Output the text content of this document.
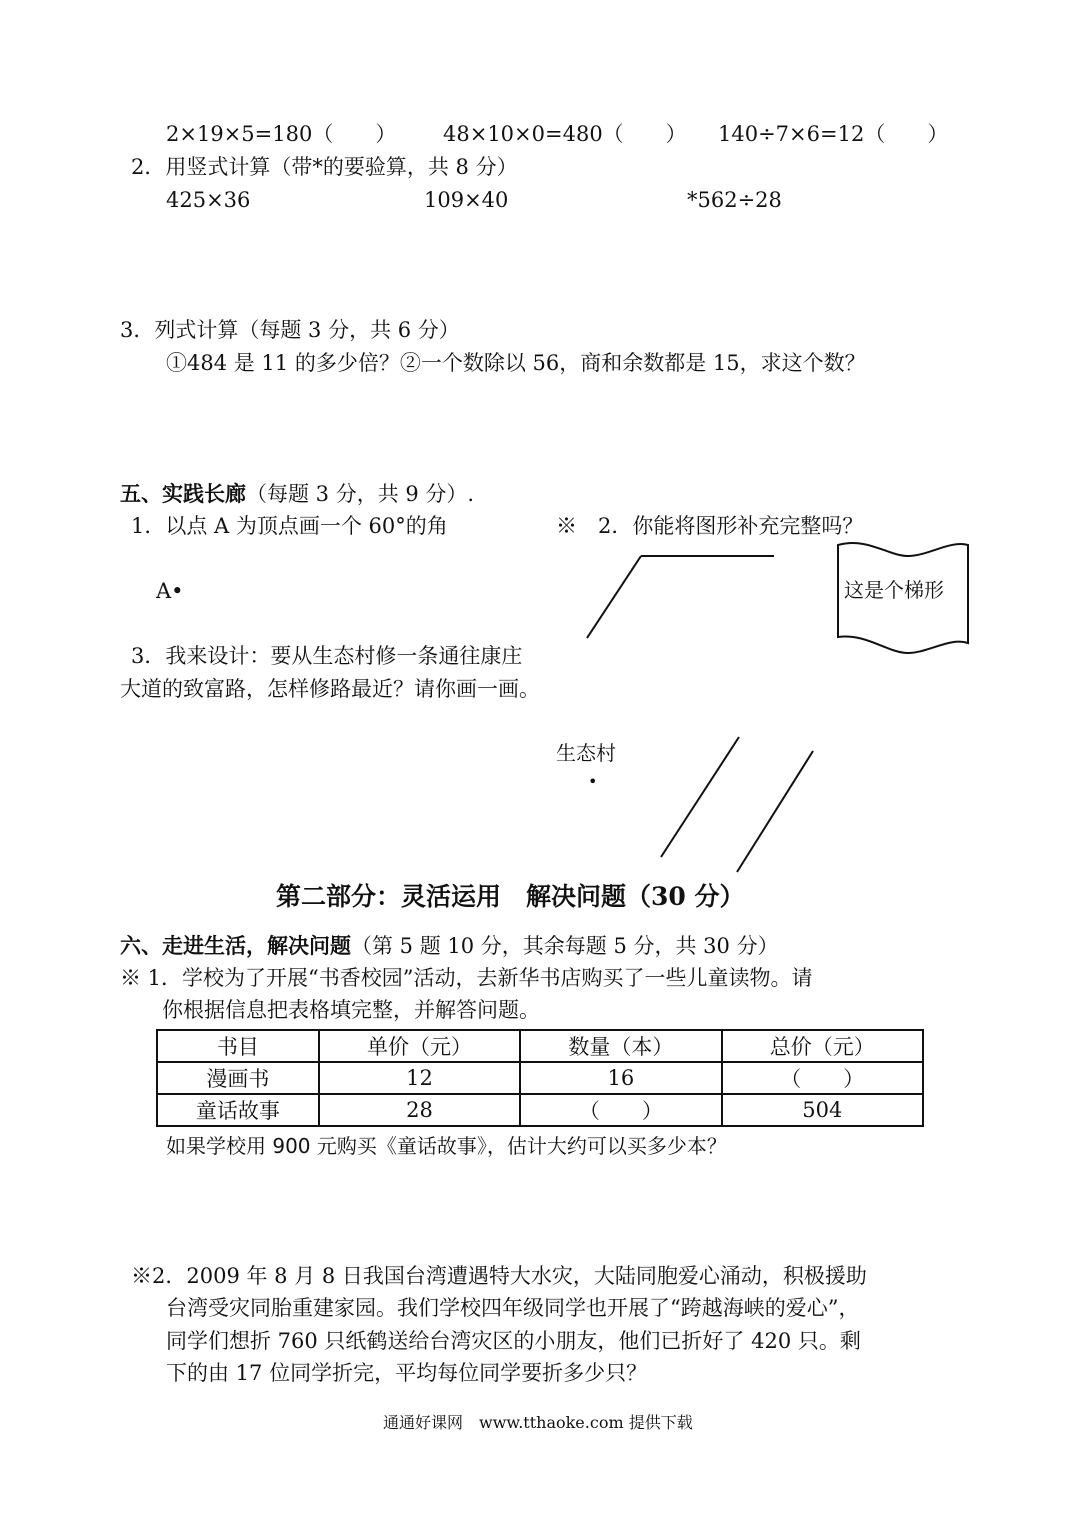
2×19×5=180（　　） 48×10×0=480（　　） 140÷7×6=12（　　）
2．用竖式计算（带*的要验算，共 8 分）
425×36	109×40	*562÷28
3．列式计算（每题 3 分，共 6 分）
①484 是 11 的多少倍？②一个数除以 56，商和余数都是 15，求这个数？
五、实践长廊（每题 3 分，共 9 分）.
1．以点 A 为顶点画一个 60°的角	※　2．你能将图形补充完整吗？
A•	这是个梯形
3．我来设计：要从生态村修一条通往康庄
大道的致富路，怎样修路最近？请你画一画。
生态村
•
第二部分：灵活运用　解决问题（30 分）
六、走进生活，解决问题（第 5 题 10 分，其余每题 5 分，共 30 分）
※ 1．学校为了开展“书香校园”活动，去新华书店购买了一些儿童读物。请
你根据信息把表格填完整，并解答问题。
书目	单价（元）	数量（本）	总价（元）
漫画书	12	16	（　　）
童话故事	28	（　　）	504
如果学校用 900 元购买《童话故事》，估计大约可以买多少本？
※2．2009 年 8 月 8 日我国台湾遭遇特大水灾，大陆同胞爱心涌动，积极援助
台湾受灾同胎重建家园。我们学校四年级同学也开展了“跨越海峡的爱心”，
同学们想折 760 只纸鹤送给台湾灾区的小朋友，他们已折好了 420 只。剩
下的由 17 位同学折完，平均每位同学要折多少只？
通通好课网　www.tthaoke.com 提供下载
